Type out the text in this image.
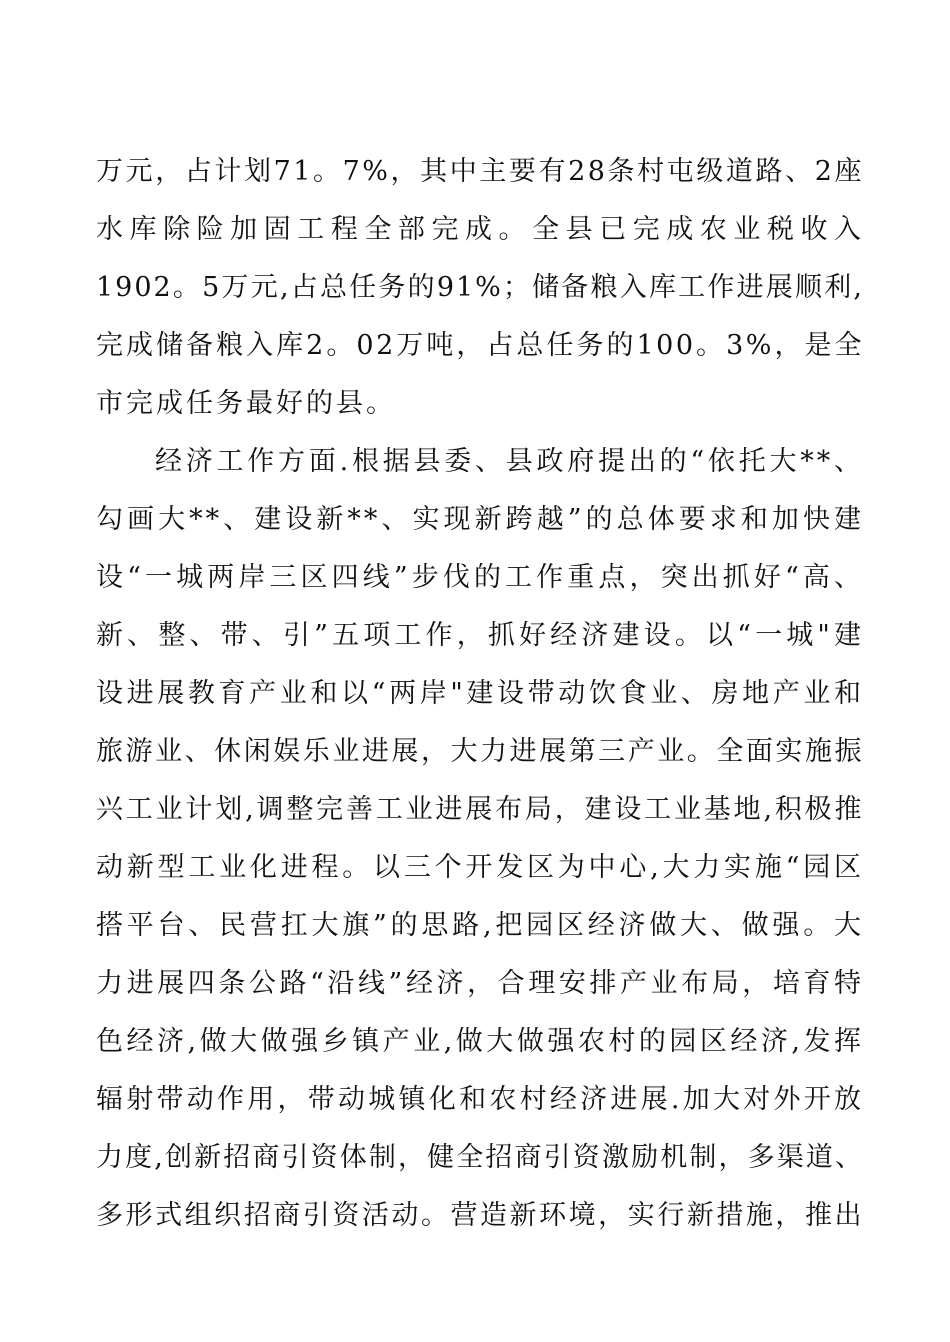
万元，占计划71。7%，其中主要有28条村屯级道路、2座
水库除险加固工程全部完成。全县已完成农业税收入
1902。5万元,占总任务的91%；储备粮入库工作进展顺利,
完成储备粮入库2。02万吨，占总任务的100。3%，是全
市完成任务最好的县。
经济工作方面.根据县委、县政府提出的“依托大**、
勾画大**、建设新**、实现新跨越”的总体要求和加快建
设“一城两岸三区四线”步伐的工作重点，突出抓好“高、
新、整、带、引”五项工作，抓好经济建设。以“一城"建
设进展教育产业和以“两岸"建设带动饮食业、房地产业和
旅游业、休闲娱乐业进展，大力进展第三产业。全面实施振
兴工业计划,调整完善工业进展布局，建设工业基地,积极推
动新型工业化进程。以三个开发区为中心,大力实施“园区
搭平台、民营扛大旗”的思路,把园区经济做大、做强。大
力进展四条公路“沿线”经济，合理安排产业布局，培育特
色经济,做大做强乡镇产业,做大做强农村的园区经济,发挥
辐射带动作用，带动城镇化和农村经济进展.加大对外开放
力度,创新招商引资体制，健全招商引资激励机制，多渠道、
多形式组织招商引资活动。营造新环境，实行新措施，推出
